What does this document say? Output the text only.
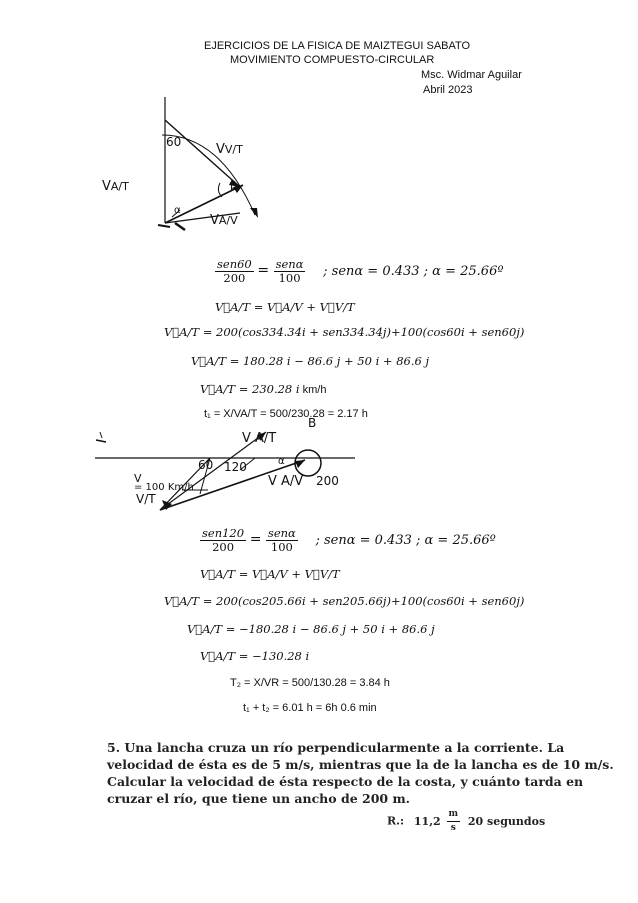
EJERCICIOS DE LA FISICA DE MAIZTEGUI SABATO
MOVIMIENTO COMPUESTO-CIRCULAR
Msc. Widmar Aguilar
Abril 2023
60	VV/T
VA/T
VA/V
α
β
$\frac{\text{sen60}}{200} = \frac{\text{senα}}{100}$ ; senα = 0.433 ; α = 25.66º
V⃗A/T = V⃗A/V + V⃗V/T
V⃗A/T = 200(cos334.34i + sen334.34j)+100(cos60i + sen60j)
V⃗A/T = 180.28 i − 86.6 j + 50 i + 86.6 j
V⃗A/T = 230.28 i km/h
t₁ = X/VA/T = 500/230.28 = 2.17 h
B
V A/T
60 120
V
= 100 Km/h
V/T
V A/V 200
α
$\frac{\text{sen120}}{200} = \frac{\text{senα}}{100}$ ; senα = 0.433 ; α = 25.66º
V⃗A/T = V⃗A/V + V⃗V/T
V⃗A/T = 200(cos205.66i + sen205.66j)+100(cos60i + sen60j)
V⃗A/T = −180.28 i − 86.6 j + 50 i + 86.6 j
V⃗A/T = −130.28 i
T₂ = X/VR = 500/130.28 = 3.84 h
t₁ + t₂ = 6.01 h = 6h 0.6 min
5. Una lancha cruza un río perpendicularmente a la corriente. La
velocidad de ésta es de 5 m/s, mientras que la de la lancha es de 10 m/s.
Calcular la velocidad de ésta respecto de la costa, y cuánto tarda en
cruzar el río, que tiene un ancho de 200 m.
R.: $11,2 \frac{m}{s} 20$ segundos
